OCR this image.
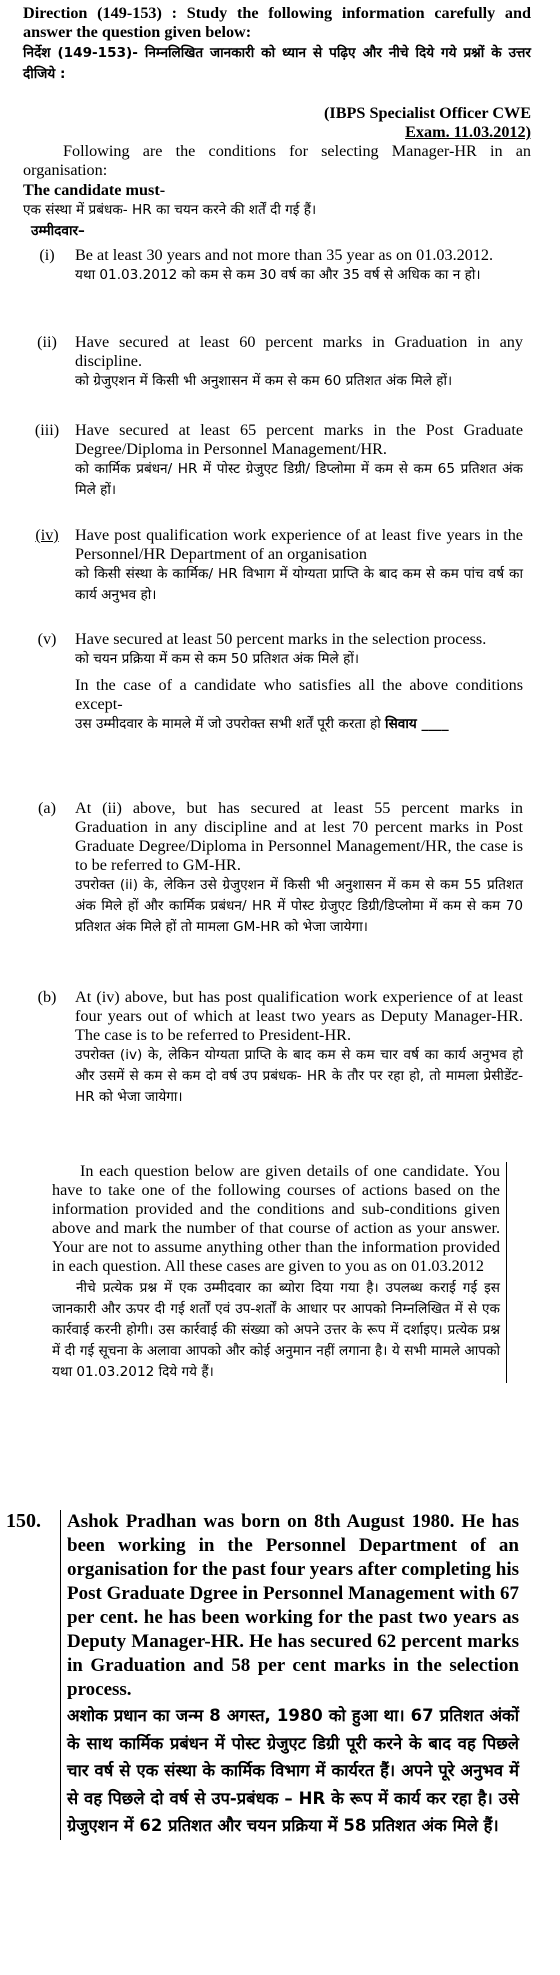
Direction (149-153) : Study the following information carefully and answer the question given below:
निर्देश (149-153)- निम्नलिखित जानकारी को ध्यान से पढ़िए और नीचे दिये गये प्रश्नों के उत्तर दीजिये :

(IBPS Specialist Officer CWE
Exam. 11.03.2012)
Following are the conditions for selecting Manager-HR in an organisation:
The candidate must-
एक संस्था में प्रबंधक- HR का चयन करने की शर्तें दी गई हैं।
उम्मीदवार–
(i)	Be at least 30 years and not more than 35 year as on 01.03.2012.
यथा 01.03.2012 को कम से कम 30 वर्ष का और 35 वर्ष से अधिक का न हो।
(ii)	Have secured at least 60 percent marks in Graduation in any discipline.
को ग्रेजुएशन में किसी भी अनुशासन में कम से कम 60 प्रतिशत अंक मिले हों।
(iii) Have secured at least 65 percent marks in the Post Graduate Degree/Diploma in Personnel Management/HR.
को कार्मिक प्रबंधन/ HR में पोस्ट ग्रेजुएट डिग्री/ डिप्लोमा में कम से कम 65 प्रतिशत अंक मिले हों।
(iv)	Have post qualification work experience of at least five years in the Personnel/HR Department of an organisation
को किसी संस्था के कार्मिक/ HR विभाग में योग्यता प्राप्ति के बाद कम से कम पांच वर्ष का कार्य अनुभव हो।
(v)	Have secured at least 50 percent marks in the selection process.
को चयन प्रक्रिया में कम से कम 50 प्रतिशत अंक मिले हों।
In the case of a candidate who satisfies all the above conditions except-
उस उम्मीदवार के मामले में जो उपरोक्त सभी शर्तें पूरी करता हो सिवाय ____
(a)	At (ii) above, but has secured at least 55 percent marks in Graduation in any discipline and at lest 70 percent marks in Post Graduate Degree/Diploma in Personnel Management/HR, the case is to be referred to GM-HR.
उपरोक्त (ii) के, लेकिन उसे ग्रेजुएशन में किसी भी अनुशासन में कम से कम 55 प्रतिशत अंक मिले हों और कार्मिक प्रबंधन/ HR में पोस्ट ग्रेजुएट डिग्री/डिप्लोमा में कम से कम 70 प्रतिशत अंक मिले हों तो मामला GM-HR को भेजा जायेगा।
(b)	At (iv) above, but has post qualification work experience of at least four years out of which at least two years as Deputy Manager-HR. The case is to be referred to President-HR.
उपरोक्त (iv) के, लेकिन योग्यता प्राप्ति के बाद कम से कम चार वर्ष का कार्य अनुभव हो और उसमें से कम से कम दो वर्ष उप प्रबंधक- HR के तौर पर रहा हो, तो मामला प्रेसीडेंट- HR को भेजा जायेगा।
In each question below are given details of one candidate. You have to take one of the following courses of actions based on the information provided and the conditions and sub-conditions given above and mark the number of that course of action as your answer. Your are not to assume anything other than the information provided in each question. All these cases are given to you as on 01.03.2012
नीचे प्रत्येक प्रश्न में एक उम्मीदवार का ब्योरा दिया गया है। उपलब्ध कराई गई इस जानकारी और ऊपर दी गई शर्तों एवं उप-शर्तों के आधार पर आपको निम्नलिखित में से एक कार्रवाई करनी होगी। उस कार्रवाई की संख्या को अपने उत्तर के रूप में दर्शाइए। प्रत्येक प्रश्न में दी गई सूचना के अलावा आपको और कोई अनुमान नहीं लगाना है। ये सभी मामले आपको यथा 01.03.2012 दिये गये हैं।
150. Ashok Pradhan was born on 8th August 1980. He has been working in the Personnel Department of an organisation for the past four years after completing his Post Graduate Dgree in Personnel Management with 67 per cent. he has been working for the past two years as Deputy Manager-HR. He has secured 62 percent marks in Graduation and 58 per cent marks in the selection process.
अशोक प्रधान का जन्म 8 अगस्त, 1980 को हुआ था। 67 प्रतिशत अंकों के साथ कार्मिक प्रबंधन में पोस्ट ग्रेजुएट डिग्री पूरी करने के बाद वह पिछले चार वर्ष से एक संस्था के कार्मिक विभाग में कार्यरत हैं। अपने पूरे अनुभव में से वह पिछले दो वर्ष से उप-प्रबंधक – HR के रूप में कार्य कर रहा है। उसे ग्रेजुएशन में 62 प्रतिशत और चयन प्रक्रिया में 58 प्रतिशत अंक मिले हैं।
